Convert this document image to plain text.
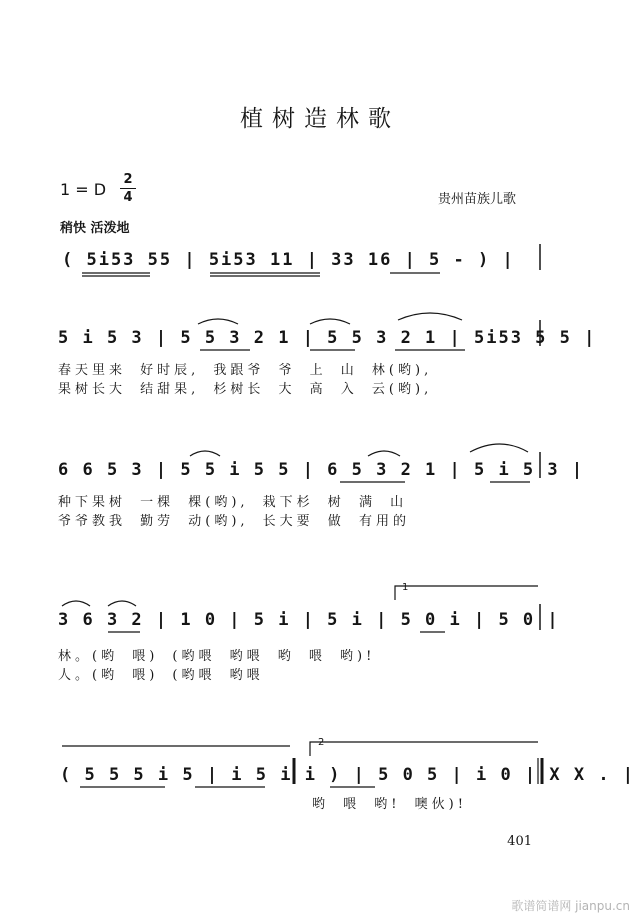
植树造林歌
1 = D
2
4
稍快 活泼地
贵州苗族儿歌
( 5i53 55 | 5i53 11 | 33 16 | 5 - ) |
5 i 5 3 | 5 5 3 2 1 | 5 5 3 2 1 | 5i53 5 5 |
春天里来 好时辰, 我跟爷 爷 上 山 林(哟),
果树长大 结甜果, 杉树长 大 高 入 云(哟),
6 6 5 3 | 5 5 i 5 5 | 6 5 3 2 1 | 5 i 5 3 |
种下果树 一棵 棵(哟), 栽下杉 树 满 山
爷爷教我 勤劳 动(哟), 长大要 做 有用的
3 6 3 2 | 1 0 | 5 i | 5 i | 5 0 i | 5 0 |
林。(哟 喂) (哟喂 哟喂 哟 喂 哟)!
人。(哟 喂) (哟喂 哟喂
1
( 5 5 5 i 5 | i 5 i i ) | 5 0 5 | i 0 | X X . |
哟 喂 哟! 噢伙)!
2
401
歌谱简谱网 jianpu.cn
